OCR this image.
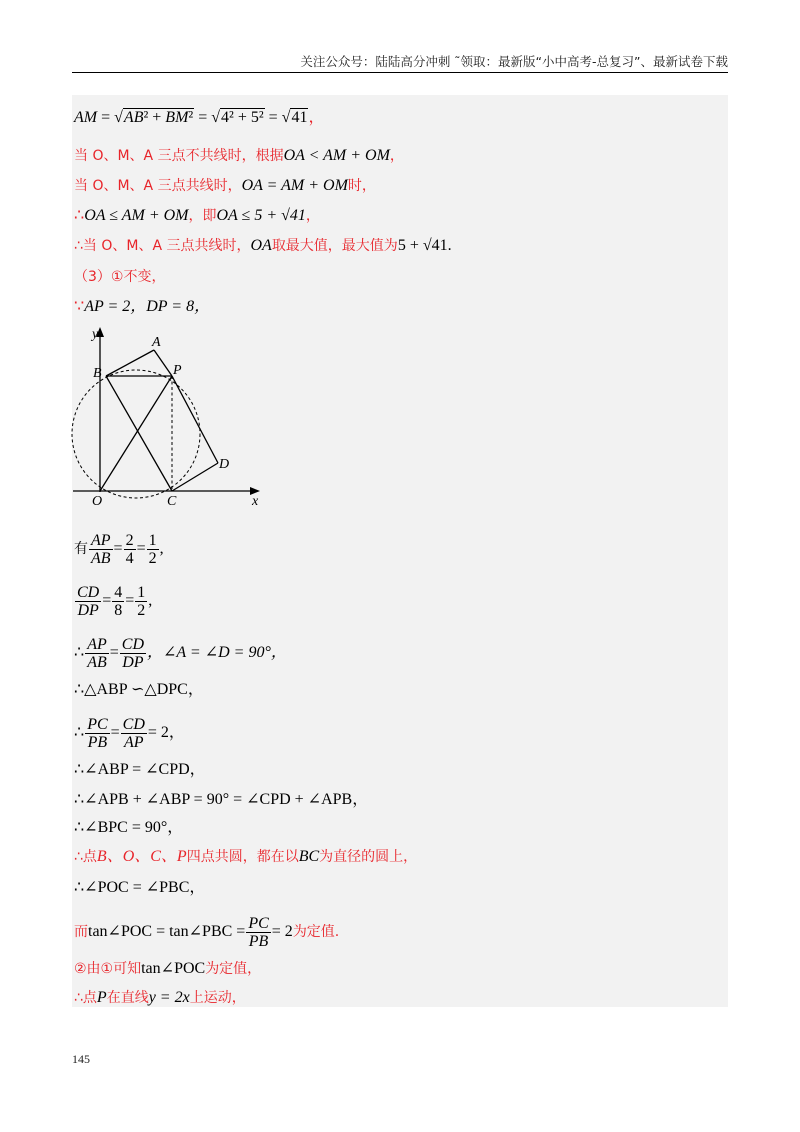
关注公众号：陆陆高分冲刺 ˜领取：最新版“小中高考-总复习”、最新试卷下载
AM = √AB² + BM² = √4² + 5² = √41，
当 O、M、A 三点不共线时，根据OA < AM + OM，
当 O、M、A 三点共线时，OA = AM + OM时，
∴OA ≤ AM + OM，即OA ≤ 5 + √41，
∴当 O、M、A 三点共线时，OA取最大值，最大值为5 + √41.
（3）①不变，
∵AP = 2，DP = 8，
y
x
A
B	P
D
O	C
有 $\frac{AP}{AB} = \frac{2}{4} = \frac{1}{2}$ ,
$\frac{CD}{DP} = \frac{4}{8} = \frac{1}{2}$ ,
∴ $\frac{AP}{AB} = \frac{CD}{DP}$ ，∠A = ∠D = 90°，
∴△ABP ∽△DPC，
∴ $\frac{PC}{PB} = \frac{CD}{AP} = 2$，
∴∠ABP = ∠CPD，
∴∠APB + ∠ABP = 90° = ∠CPD + ∠APB，
∴∠BPC = 90°，
∴点B、O、C、P四点共圆，都在以BC为直径的圆上，
∴∠POC = ∠PBC，
而tan∠POC = tan∠PBC = $\frac{PC}{PB} = 2$为定值.
②由①可知tan∠POC为定值，
∴点P在直线y = 2x上运动，
145
